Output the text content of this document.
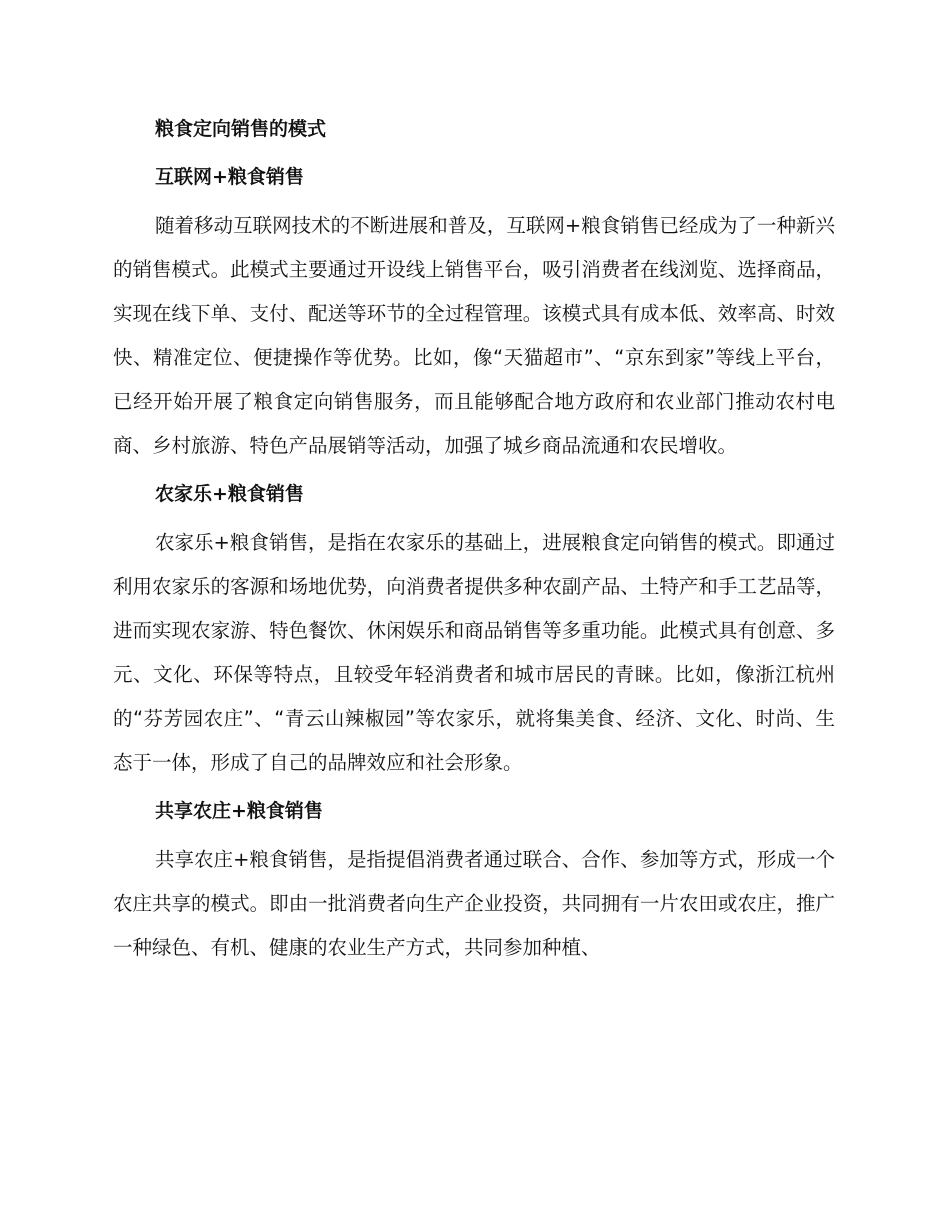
粮食定向销售的模式
互联网+粮食销售

随着移动互联网技术的不断进展和普及，互联网+粮食销售已经成为了一种新兴的销售模式。此模式主要通过开设线上销售平台，吸引消费者在线浏览、选择商品，实现在线下单、支付、配送等环节的全过程管理。该模式具有成本低、效率高、时效快、精准定位、便捷操作等优势。比如，像“天猫超市”、“京东到家”等线上平台，已经开始开展了粮食定向销售服务，而且能够配合地方政府和农业部门推动农村电商、乡村旅游、特色产品展销等活动，加强了城乡商品流通和农民增收。

农家乐+粮食销售

农家乐+粮食销售，是指在农家乐的基础上，进展粮食定向销售的模式。即通过利用农家乐的客源和场地优势，向消费者提供多种农副产品、土特产和手工艺品等，进而实现农家游、特色餐饮、休闲娱乐和商品销售等多重功能。此模式具有创意、多元、文化、环保等特点，且较受年轻消费者和城市居民的青睐。比如，像浙江杭州的“芬芳园农庄”、“青云山辣椒园”等农家乐，就将集美食、经济、文化、时尚、生态于一体，形成了自己的品牌效应和社会形象。

共享农庄+粮食销售

共享农庄+粮食销售，是指提倡消费者通过联合、合作、参加等方式，形成一个农庄共享的模式。即由一批消费者向生产企业投资，共同拥有一片农田或农庄，推广一种绿色、有机、健康的农业生产方式，共同参加种植、
